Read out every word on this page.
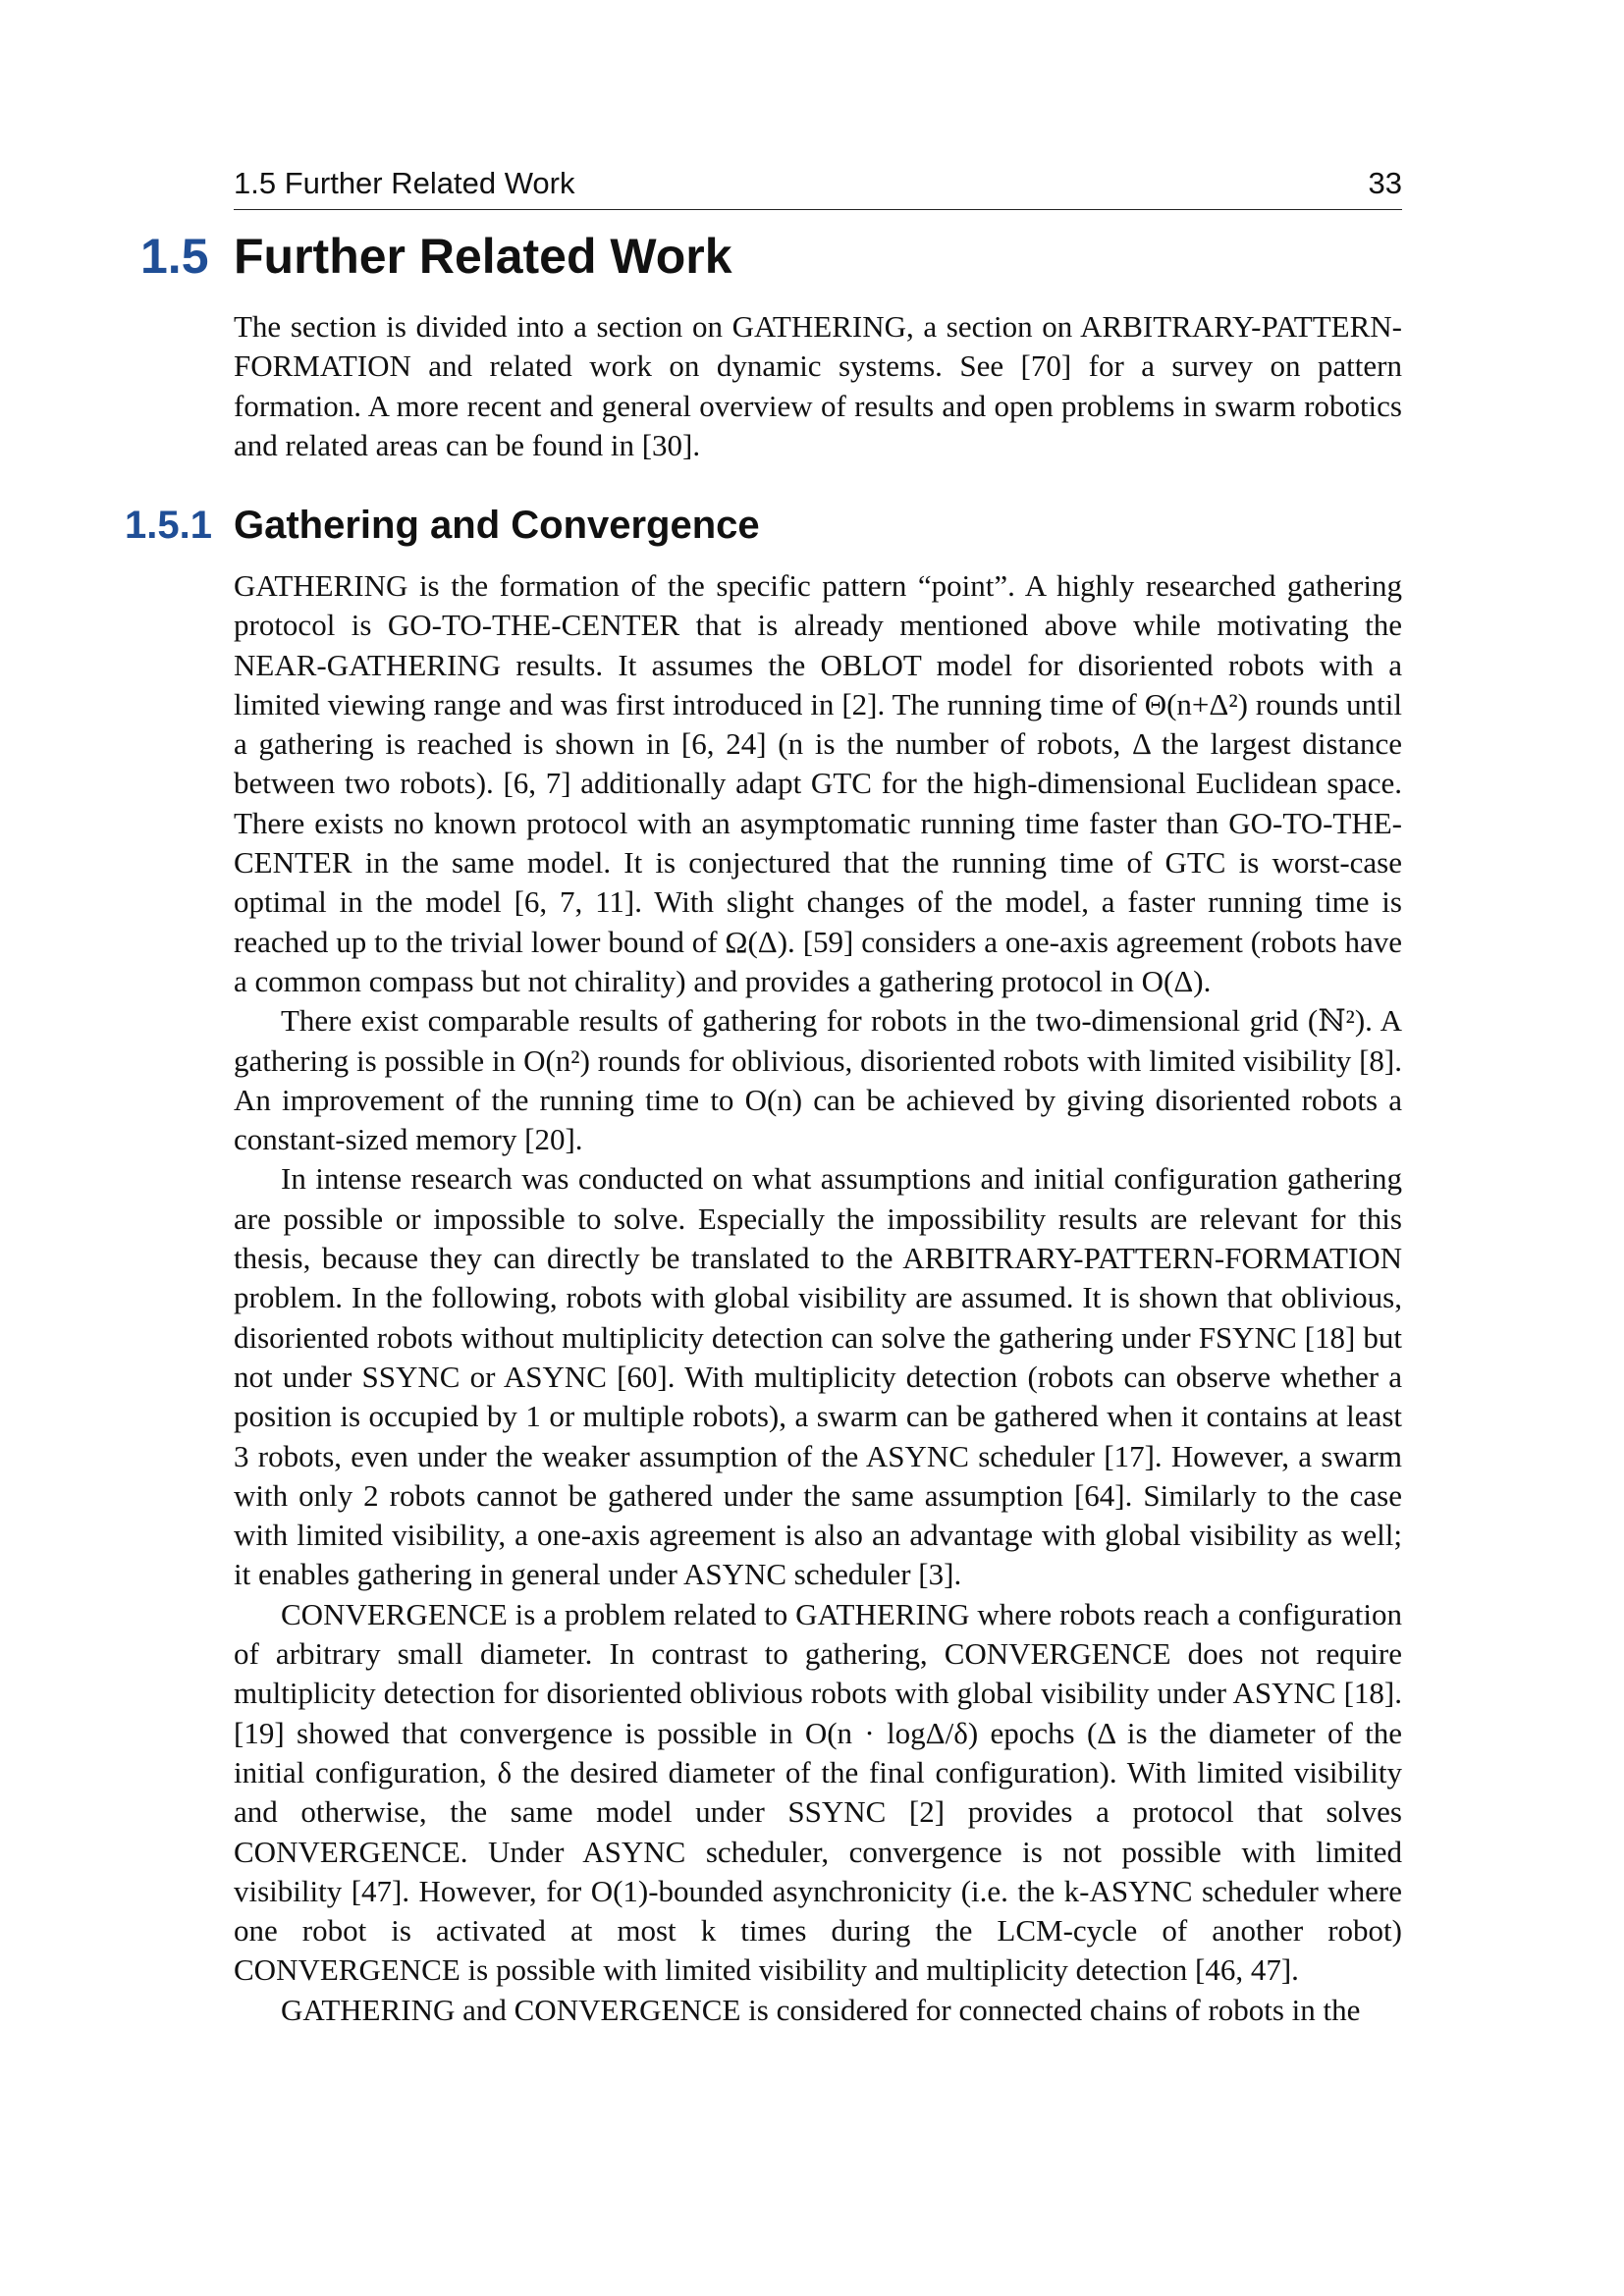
1.5 Further Related Work	33
1.5 Further Related Work

The section is divided into a section on GATHERING, a section on ARBITRARY-PATTERN-FORMATION and related work on dynamic systems. See [70] for a survey on pattern formation. A more recent and general overview of results and open problems in swarm robotics and related areas can be found in [30].

1.5.1 Gathering and Convergence

GATHERING is the formation of the specific pattern “point”. A highly researched gathering protocol is GO-TO-THE-CENTER that is already mentioned above while motivating the NEAR-GATHERING results. It assumes the OBLOT model for disoriented robots with a limited viewing range and was first introduced in [2]. The running time of Θ(n+Δ²) rounds until a gathering is reached is shown in [6, 24] (n is the number of robots, Δ the largest distance between two robots). [6, 7] additionally adapt GTC for the high-dimensional Euclidean space. There exists no known protocol with an asymptomatic running time faster than GO-TO-THE-CENTER in the same model. It is conjectured that the running time of GTC is worst-case optimal in the model [6, 7, 11]. With slight changes of the model, a faster running time is reached up to the trivial lower bound of Ω(Δ). [59] considers a one-axis agreement (robots have a common compass but not chirality) and provides a gathering protocol in O(Δ).

There exist comparable results of gathering for robots in the two-dimensional grid (ℕ²). A gathering is possible in O(n²) rounds for oblivious, disoriented robots with limited visibility [8]. An improvement of the running time to O(n) can be achieved by giving disoriented robots a constant-sized memory [20].

In intense research was conducted on what assumptions and initial configuration gathering are possible or impossible to solve. Especially the impossibility results are relevant for this thesis, because they can directly be translated to the ARBITRARY-PATTERN-FORMATION problem. In the following, robots with global visibility are assumed. It is shown that oblivious, disoriented robots without multiplicity detection can solve the gathering under FSYNC [18] but not under SSYNC or ASYNC [60]. With multiplicity detection (robots can observe whether a position is occupied by 1 or multiple robots), a swarm can be gathered when it contains at least 3 robots, even under the weaker assumption of the ASYNC scheduler [17]. However, a swarm with only 2 robots cannot be gathered under the same assumption [64]. Similarly to the case with limited visibility, a one-axis agreement is also an advantage with global visibility as well; it enables gathering in general under ASYNC scheduler [3].

CONVERGENCE is a problem related to GATHERING where robots reach a configuration of arbitrary small diameter. In contrast to gathering, CONVERGENCE does not require multiplicity detection for disoriented oblivious robots with global visibility under ASYNC [18]. [19] showed that convergence is possible in O(n · logΔ/δ) epochs (Δ is the diameter of the initial configuration, δ the desired diameter of the final configuration). With limited visibility and otherwise, the same model under SSYNC [2] provides a protocol that solves CONVERGENCE. Under ASYNC scheduler, convergence is not possible with limited visibility [47]. However, for O(1)-bounded asynchronicity (i.e. the k-ASYNC scheduler where one robot is activated at most k times during the LCM-cycle of another robot) CONVERGENCE is possible with limited visibility and multiplicity detection [46, 47].

GATHERING and CONVERGENCE is considered for connected chains of robots in the
